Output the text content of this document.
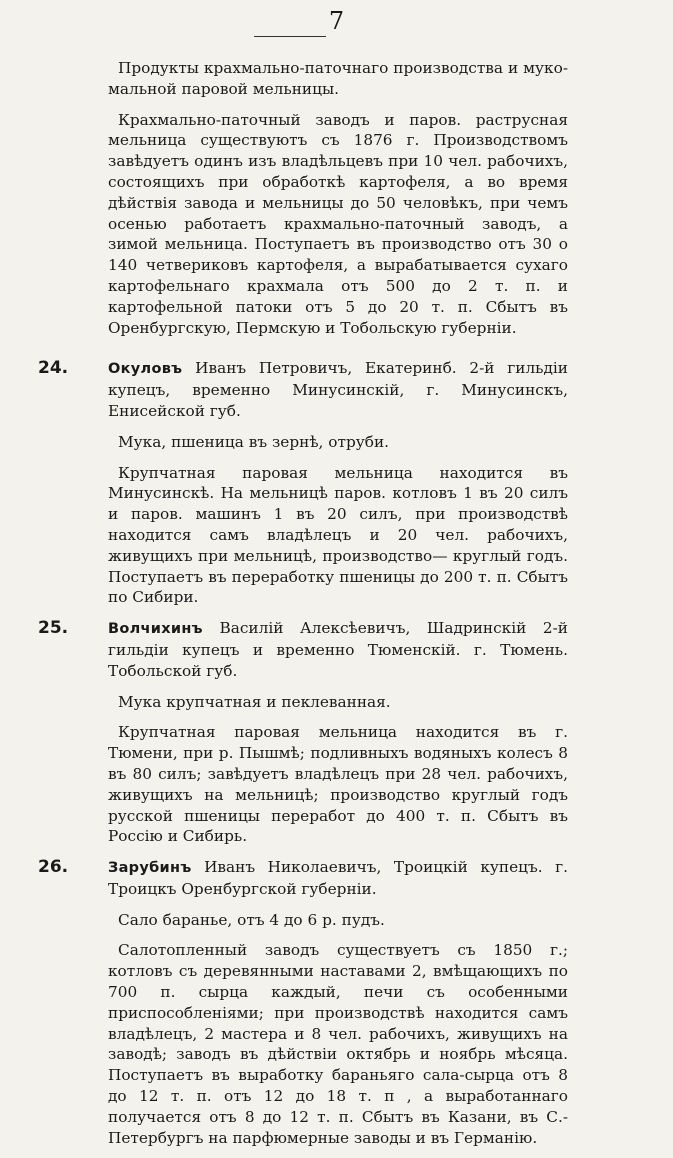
7

Продукты крахмально-паточнаго производства и муко-мальной паровой мельницы.

Крахмально-паточный заводъ и паров. раструсная мельница существуютъ съ 1876 г. Производствомъ завѣдуетъ одинъ изъ владѣльцевъ при 10 чел. рабочихъ, состоящихъ при обработкѣ картофеля, а во время дѣйствія завода и мельницы до 50 человѣкъ, при чемъ осенью работаетъ крахмально-паточный заводъ, а зимой мельница. Поступаетъ въ производство отъ 30 о 140 четвериковъ картофеля, а вырабатывается сухаго картофельнаго крахмала отъ 500 до 2 т. п. и картофельной патоки отъ 5 до 20 т. п. Сбытъ въ Оренбургскую, Пермскую и Тобольскую губерніи.

24.	Окуловъ Иванъ Петровичъ, Екатеринб. 2-й гильдіи купецъ, временно Минусинскій, г. Минусинскъ, Енисейской губ.

Мука, пшеница въ зернѣ, отруби.

Крупчатная паровая мельница находится въ Минусинскѣ. На мельницѣ паров. котловъ 1 въ 20 силъ и паров. машинъ 1 въ 20 силъ, при производствѣ находится самъ владѣлецъ и 20 чел. рабочихъ, живущихъ при мельницѣ, производство— круглый годъ. Поступаетъ въ переработку пшеницы до 200 т. п. Сбытъ по Сибири.

25.	Волчихинъ Василій Алексѣевичъ, Шадринскій 2-й гильдіи купецъ и временно Тюменскій. г. Тюмень. Тобольской губ.

Мука крупчатная и пеклеванная.

Крупчатная паровая мельница находится въ г. Тюмени, при р. Пышмѣ; подливныхъ водяныхъ колесъ 8 въ 80 силъ; завѣдуетъ владѣлецъ при 28 чел. рабочихъ, живущихъ на мельницѣ; производство круглый годъ русской пшеницы переработ до 400 т. п. Сбытъ въ Россію и Сибирь.

26.	Зарубинъ Иванъ Николаевичъ, Троицкій купецъ. г. Троицкъ Оренбургской губерніи.

Сало баранье, отъ 4 до 6 р. пудъ.

Салотопленный заводъ существуетъ съ 1850 г.; котловъ съ деревянными наставами 2, вмѣщающихъ по 700 п. сырца каждый, печи съ особенными приспособленіями; при производствѣ находится самъ владѣлецъ, 2 мастера и 8 чел. рабочихъ, живущихъ на заводѣ; заводъ въ дѣйствіи октябрь и ноябрь мѣсяца. Поступаетъ въ выработку бараньяго сала-сырца отъ 8 до 12 т. п. отъ 12 до 18 т. п , а выработаннаго получается отъ 8 до 12 т. п. Сбытъ въ Казани, въ С.-Петербургъ на парфюмерные заводы и въ Германію.
